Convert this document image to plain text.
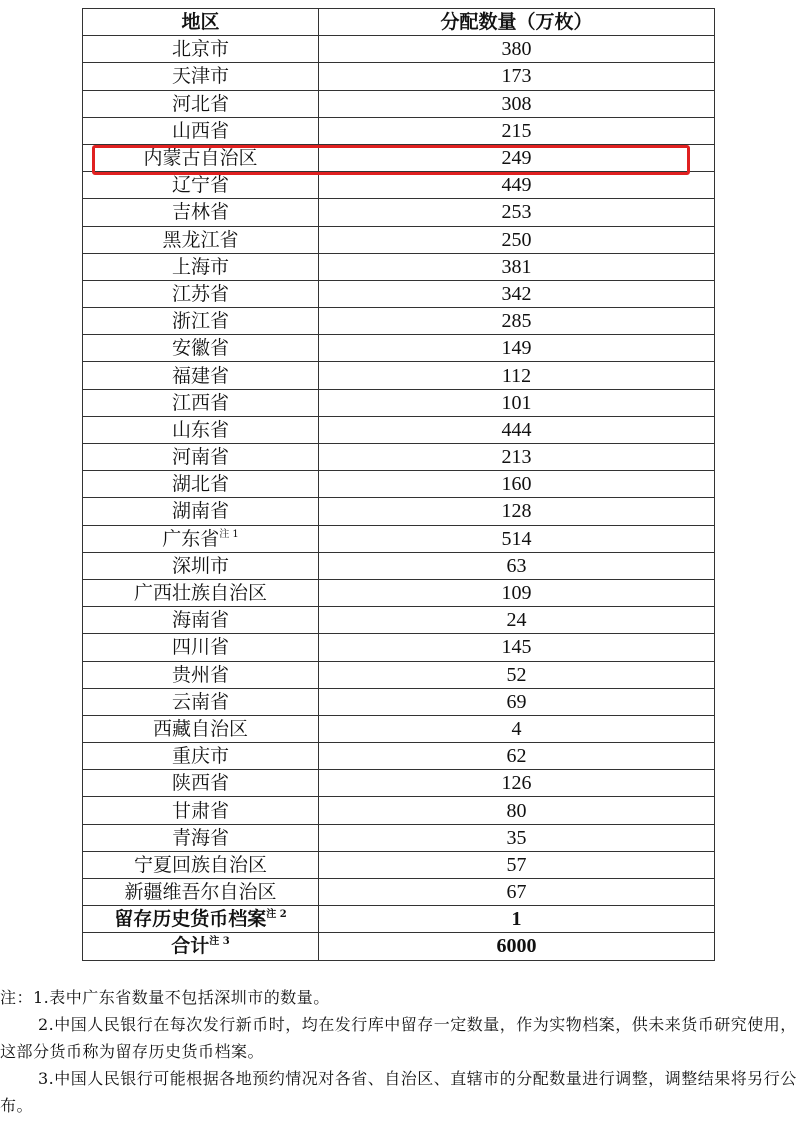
地区	分配数量（万枚）
北京市	380
天津市	173
河北省	308
山西省	215
内蒙古自治区	249
辽宁省	449
吉林省	253
黑龙江省	250
上海市	381
江苏省	342
浙江省	285
安徽省	149
福建省	112
江西省	101
山东省	444
河南省	213
湖北省	160
湖南省	128
广东省$^{注 1}$	514
深圳市	63
广西壮族自治区	109
海南省	24
四川省	145
贵州省	52
云南省	69
西藏自治区	4
重庆市	62
陕西省	126
甘肃省	80
青海省	35
宁夏回族自治区	57
新疆维吾尔自治区	67
留存历史货币档案$^{注 2}$	1
合计$^{注 3}$	6000

注：1.表中广东省数量不包括深圳市的数量。

2.中国人民银行在每次发行新币时，均在发行库中留存一定数量，作为实物档案，供未来货币研究使用，这部分货币称为留存历史货币档案。

3.中国人民银行可能根据各地预约情况对各省、自治区、直辖市的分配数量进行调整，调整结果将另行公布。
